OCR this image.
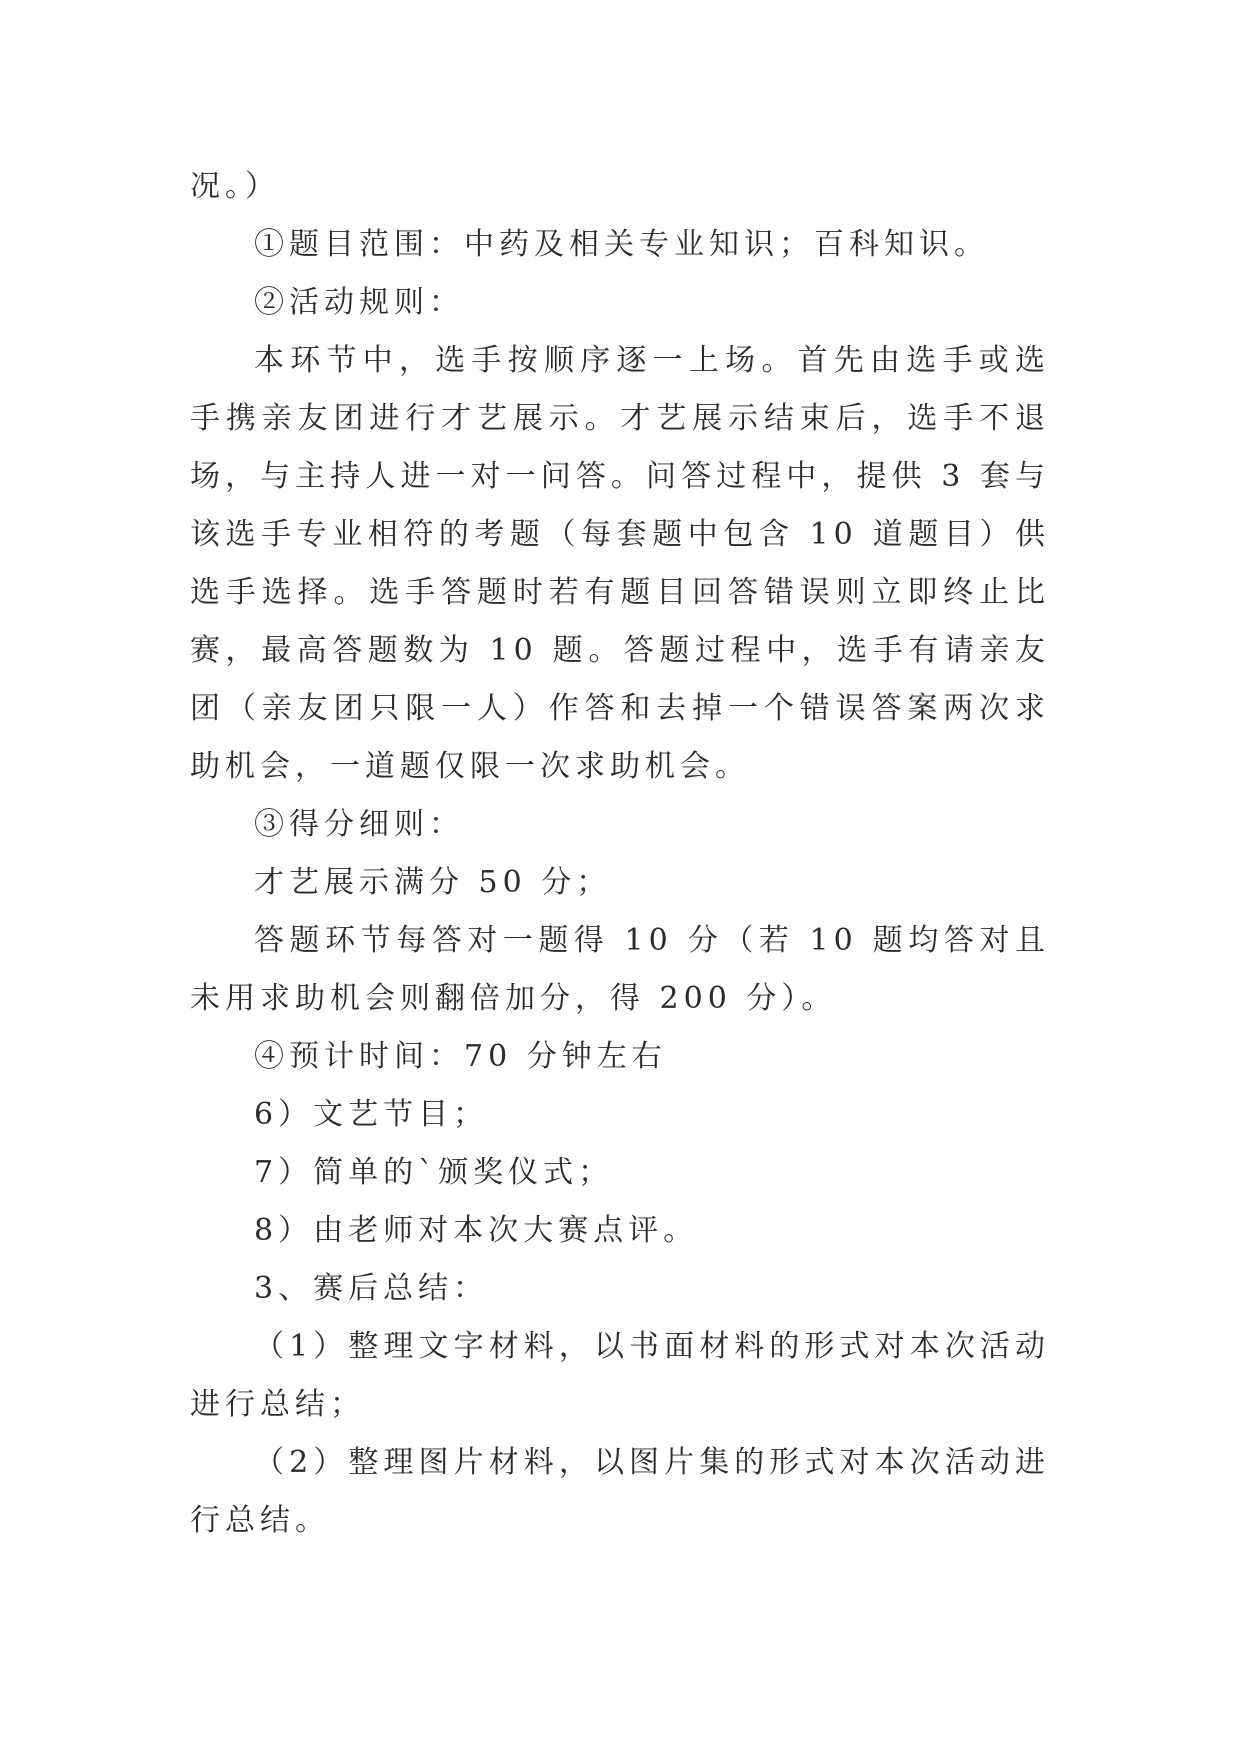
况。）

①题目范围：中药及相关专业知识；百科知识。

②活动规则：

本环节中，选手按顺序逐一上场。首先由选手或选手携亲友团进行才艺展示。才艺展示结束后，选手不退场，与主持人进一对一问答。问答过程中，提供 3 套与该选手专业相符的考题（每套题中包含 10 道题目）供选手选择。选手答题时若有题目回答错误则立即终止比赛，最高答题数为 10 题。答题过程中，选手有请亲友团（亲友团只限一人）作答和去掉一个错误答案两次求助机会，一道题仅限一次求助机会。

③得分细则：

才艺展示满分 50 分；

答题环节每答对一题得 10 分（若 10 题均答对且未用求助机会则翻倍加分，得 200 分）。

④预计时间：70 分钟左右

6）文艺节目；

7）简单的`颁奖仪式；

8）由老师对本次大赛点评。

3、赛后总结：

（1）整理文字材料，以书面材料的形式对本次活动进行总结；

（2）整理图片材料，以图片集的形式对本次活动进行总结。
